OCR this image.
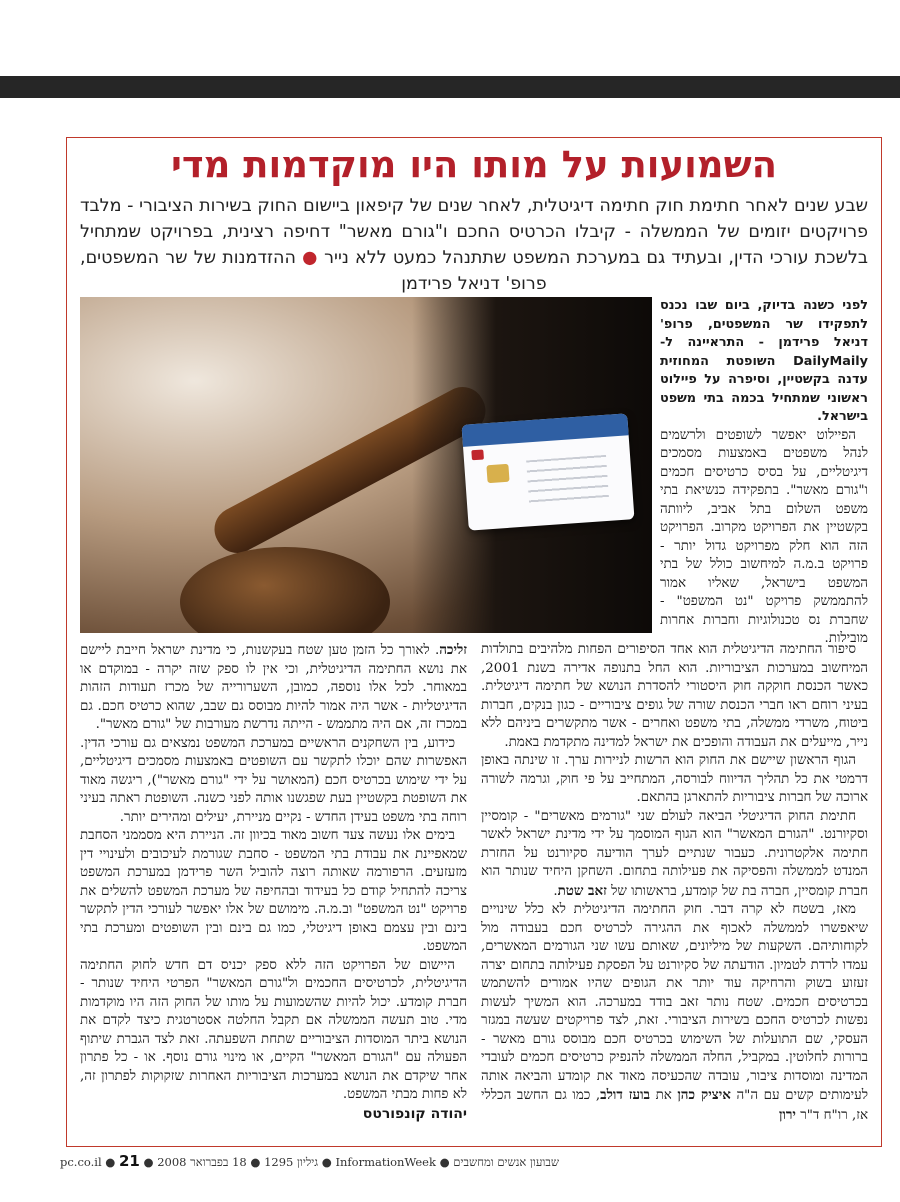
השמועות על מותו היו מוקדמות מדי
שבע שנים לאחר חתימת חוק חתימה דיגיטלית, לאחר שנים של קיפאון ביישום החוק בשירות הציבורי - מלבד פרויקטים יזומים של הממשלה - קיבלו הכרטיס החכם ו"גורם מאשר" דחיפה רצינית, בפרויקט שמתחיל בלשכת עורכי הדין, ובעתיד גם במערכת המשפט שתתנהל כמעט ללא נייר ● ההזדמנות של שר המשפטים, פרופ' דניאל פרידמן

לפני כשנה בדיוק, ביום שבו נכנס לתפקידו שר המשפטים, פרופ' דניאל פרידמן - התראיינה ל-DailyMaily השופטת המחוזית עדנה בקשטיין, וסיפרה על פיילוט ראשוני שמתחיל בכמה בתי משפט בישראל.

הפיילוט יאפשר לשופטים ולרשמים לנהל משפטים באמצעות מסמכים דיגיטליים, על בסיס כרטיסים חכמים ו"גורם מאשר". בתפקידה כנשיאת בתי משפט השלום בתל אביב, ליוותה בקשטיין את הפרויקט מקרוב. הפרויקט הזה הוא חלק מפרויקט גדול יותר - פרויקט ב.מ.ה למיחשוב כולל של בתי המשפט בישראל, שאליו אמור להתממשק פרויקט "נט המשפט" - שחברת נס טכנולוגיות וחברות אחרות מובילות.

סיפור החתימה הדיגיטלית הוא אחד הסיפורים הפחות מלהיבים בתולדות המיחשוב במערכות הציבוריות. הוא החל בתנופה אדירה בשנת 2001, כאשר הכנסת חוקקה חוק היסטורי להסדרת הנושא של חתימה דיגיטלית. בעיני רוחם ראו חברי הכנסת שורה של גופים ציבוריים - כגון בנקים, חברות ביטוח, משרדי ממשלה, בתי משפט ואחרים - אשר מתקשרים ביניהם ללא נייר, מייעלים את העבודה והופכים את ישראל למדינה מתקדמת באמת.

הגוף הראשון שיישם את החוק הוא הרשות לניירות ערך. זו שינתה באופן דרמטי את כל תהליך הדיווח לבורסה, המתחייב על פי חוק, וגרמה לשורה ארוכה של חברות ציבוריות להתארגן בהתאם.

חתימת החוק הדיגיטלי הביאה לעולם שני "גורמים מאשרים" - קומסיין וסקיורנט. "הגורם המאשר" הוא הגוף המוסמך על ידי מדינת ישראל לאשר חתימה אלקטרונית. כעבור שנתיים לערך הודיעה סקיורנט על החזרת המנדט לממשלה והפסיקה את פעילותה בתחום. השחקן היחיד שנותר הוא חברת קומסיין, חברה בת של קומדע, בראשותו של זאב שטת.

מאז, בשטח לא קרה דבר. חוק החתימה הדיגיטלית לא כלל שינויים שיאפשרו לממשלה לאכוף את ההגירה לכרטיס חכם בעבודה מול לקוחותיהם. השקעות של מיליונים, שאותם עשו שני הגורמים המאשרים, עמדו לרדת לטמיון. הודעתה של סקיורנט על הפסקת פעילותה בתחום יצרה זעזוע בשוק והרחיקה עוד יותר את הגופים שהיו אמורים להשתמש בכרטיסים חכמים. שטח נותר זאב בודד במערכה. הוא המשיך לעשות נפשות לכרטיס החכם בשירות הציבורי. זאת, לצד פרויקטים שעשה במגזר העסקי, שם התועלות של השימוש בכרטיס חכם מבוסס גורם מאשר - ברורות לחלוטין. במקביל, החלה הממשלה להנפיק כרטיסים חכמים לעובדי המדינה ומוסדות ציבור, עובדה שהכעיסה מאוד את קומדע והביאה אותה לעימותים קשים עם ה"ה איציק כהן את בועז דולב, כמו גם החשב הכללי אז, רו"ח ד"ר ירון

זליכה. לאורך כל הזמן טען שטח בעקשנות, כי מדינת ישראל חייבת ליישם את נושא החתימה הדיגיטלית, וכי אין לו ספק שזה יקרה - במוקדם או במאוחר. לכל אלו נוספה, כמובן, השערורייה של מכרז תעודות הזהות הדיגיטליות - אשר היה אמור להיות מבוסס גם שבב, שהוא כרטיס חכם. גם במכרז זה, אם היה מתממש - הייתה נדרשת מעורבות של "גורם מאשר".

כידוע, בין השחקנים הראשיים במערכת המשפט נמצאים גם עורכי הדין. האפשרות שהם יוכלו לתקשר עם השופטים באמצעות מסמכים דיגיטליים, על ידי שימוש בכרטיס חכם (המאושר על ידי "גורם מאשר"), ריגשה מאוד את השופטת בקשטיין בעת שפגשנו אותה לפני כשנה. השופטת ראתה בעיני רוחה בתי משפט בעידן החדש - נקיים מניירת, יעילים ומהירים יותר.

בימים אלו נעשה צעד חשוב מאוד בכיוון זה. הניירת היא מסממני הסחבת שמאפיינת את עבודת בתי המשפט - סחבת שגורמת לעיכובים ולעינויי דין מזעזעים. הרפורמה שאותה רוצה להוביל השר פרידמן במערכת המשפט צריכה להתחיל קודם כל בעידוד ובהחיפה של מערכת המשפט להשלים את פרויקט "נט המשפט" וב.מ.ה. מימושם של אלו יאפשר לעורכי הדין לתקשר בינם ובין עצמם באופן דיגיטלי, כמו גם בינם ובין השופטים ומערכת בתי המשפט.

היישום של הפרויקט הזה ללא ספק יכניס דם חדש לחוק החתימה הדיגיטלית, לכרטיסים החכמים ול"גורם המאשר" הפרטי היחיד שנותר - חברת קומדע. יכול להיות שהשמועות על מותו של החוק הזה היו מוקדמות מדי. טוב תעשה הממשלה אם תקבל החלטה אסטרטגית כיצד לקדם את הנושא ביתר המוסדות הציבוריים שתחת השפעתה. זאת לצד הגברת שיתוף הפעולה עם "הגורם המאשר" הקיים, או מינוי גורם נוסף. או - כל פתרון אחר שיקדם את הנושא במערכות הציבוריות האחרות שזקוקות לפתרון זה, לא פחות מבתי המשפט.

יהודה קונפורטס

שבועון אנשים ומחשבים ● InformationWeek ● גיליון 1295 ● 18 בפברואר 2008 ● pc.co.il ● 21
